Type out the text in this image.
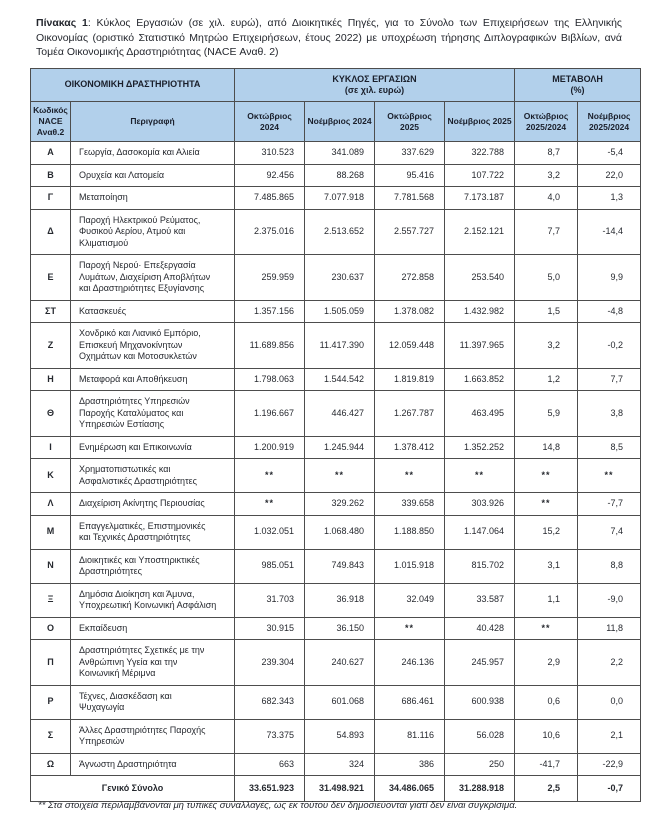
Πίνακας 1: Κύκλος Εργασιών (σε χιλ. ευρώ), από Διοικητικές Πηγές, για το Σύνολο των Επιχειρήσεων της Ελληνικής Οικονομίας (οριστικό Στατιστικό Μητρώο Επιχειρήσεων, έτους 2022) με υποχρέωση τήρησης Διπλογραφικών Βιβλίων, ανά Τομέα Οικονομικής Δραστηριότητας (NACE Αναθ. 2)

ΟΙΚΟΝΟΜΙΚΗ ΔΡΑΣΤΗΡΙΟΤΗΤΑ	
ΚΥΚΛΟΣ ΕΡΓΑΣΙΩΝ
(σε χιλ. ευρώ)

ΜΕΤΑΒΟΛΗ
(%)

Κωδικός NACE Αναθ.2	Περιγραφή	Οκτώβριος 2024	Νοέμβριος 2024	Οκτώβριος 2025	Νοέμβριος 2025	Οκτώβριος 2025/2024	Νοέμβριος 2025/2024
Α	Γεωργία, Δασοκομία και Αλιεία	310.523	341.089	337.629	322.788	8,7	-5,4
Β	Ορυχεία και Λατομεία	92.456	88.268	95.416	107.722	3,2	22,0
Γ	Μεταποίηση	7.485.865	7.077.918	7.781.568	7.173.187	4,0	1,3
Δ	Παροχή Ηλεκτρικού Ρεύματος, Φυσικού Αερίου, Ατμού και Κλιματισμού	2.375.016	2.513.652	2.557.727	2.152.121	7,7	-14,4
Ε	Παροχή Νερού· Επεξεργασία Λυμάτων, Διαχείριση Αποβλήτων και Δραστηριότητες Εξυγίανσης	259.959	230.637	272.858	253.540	5,0	9,9
ΣΤ	Κατασκευές	1.357.156	1.505.059	1.378.082	1.432.982	1,5	-4,8
Ζ	Χονδρικό και Λιανικό Εμπόριο, Επισκευή Μηχανοκίνητων Οχημάτων και Μοτοσυκλετών	11.689.856	11.417.390	12.059.448	11.397.965	3,2	-0,2
Η	Μεταφορά και Αποθήκευση	1.798.063	1.544.542	1.819.819	1.663.852	1,2	7,7
Θ	Δραστηριότητες Υπηρεσιών Παροχής Καταλύματος και Υπηρεσιών Εστίασης	1.196.667	446.427	1.267.787	463.495	5,9	3,8
Ι	Ενημέρωση και Επικοινωνία	1.200.919	1.245.944	1.378.412	1.352.252	14,8	8,5
Κ	Χρηματοπιστωτικές και Ασφαλιστικές Δραστηριότητες	**	**	**	**	**	**
Λ	Διαχείριση Ακίνητης Περιουσίας	**	329.262	339.658	303.926	**	-7,7
Μ	Επαγγελματικές, Επιστημονικές και Τεχνικές Δραστηριότητες	1.032.051	1.068.480	1.188.850	1.147.064	15,2	7,4
Ν	Διοικητικές και Υποστηρικτικές Δραστηριότητες	985.051	749.843	1.015.918	815.702	3,1	8,8
Ξ	Δημόσια Διοίκηση και Άμυνα, Υποχρεωτική Κοινωνική Ασφάλιση	31.703	36.918	32.049	33.587	1,1	-9,0
Ο	Εκπαίδευση	30.915	36.150	**	40.428	**	11,8
Π	Δραστηριότητες Σχετικές με την Ανθρώπινη Υγεία και την Κοινωνική Μέριμνα	239.304	240.627	246.136	245.957	2,9	2,2
Ρ	Τέχνες, Διασκέδαση και Ψυχαγωγία	682.343	601.068	686.461	600.938	0,6	0,0
Σ	Άλλες Δραστηριότητες Παροχής Υπηρεσιών	73.375	54.893	81.116	56.028	10,6	2,1
Ω	Άγνωστη Δραστηριότητα	663	324	386	250	-41,7	-22,9
Γενικό Σύνολο		33.651.923	31.498.921	34.486.065	31.288.918	2,5	-0,7

** Στα στοιχεία περιλαμβάνονται μη τυπικές συναλλαγές, ως εκ τούτου δεν δημοσιεύονται γιατί δεν είναι συγκρίσιμα.
